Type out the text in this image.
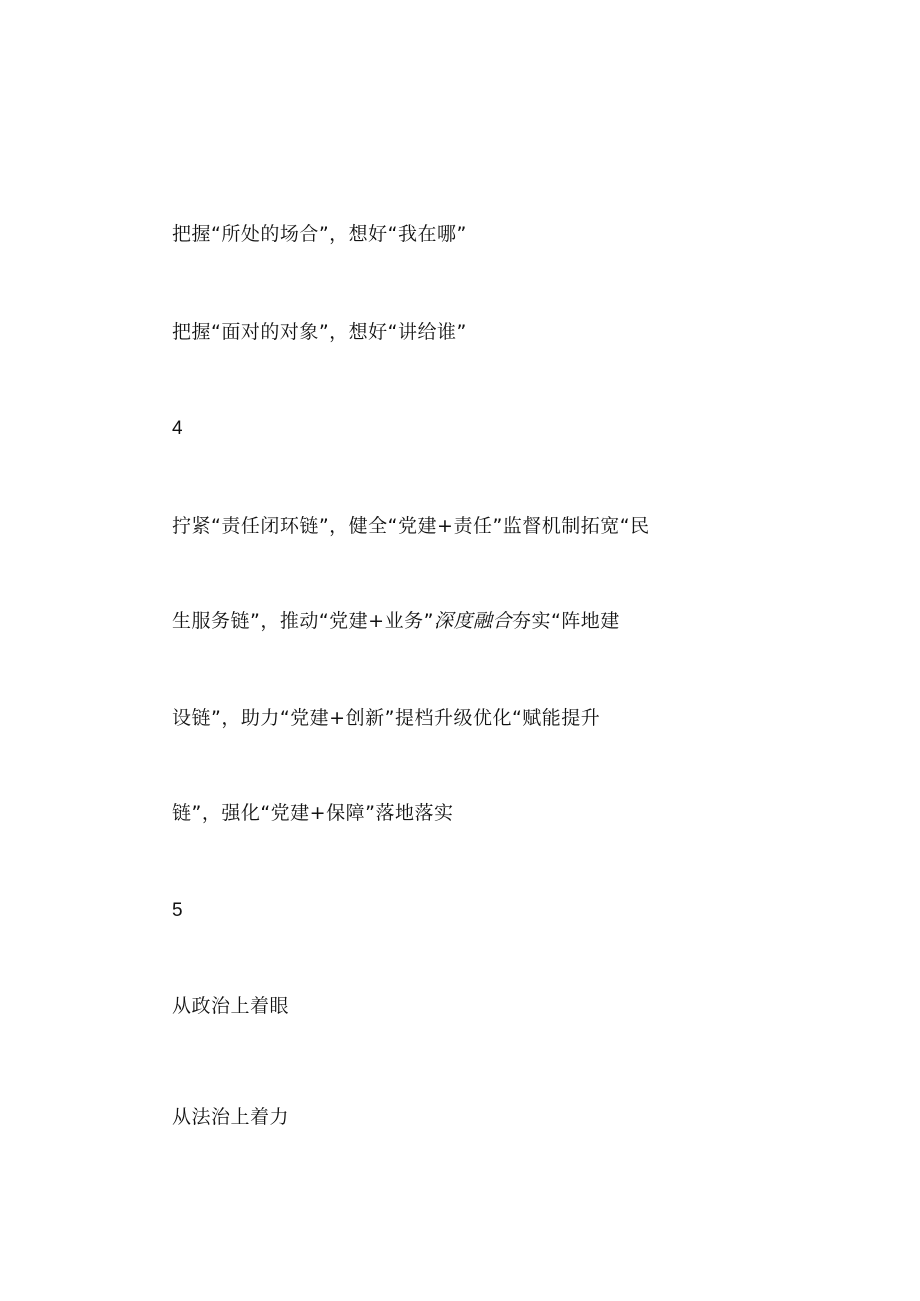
把握“所处的场合”，想好“我在哪”
把握“面对的对象”，想好“讲给谁”
4
拧紧“责任闭环链”，健全“党建+责任”监督机制拓宽“民
生服务链”，推动“党建+业务”深度融合夯实“阵地建
设链”，助力“党建+创新”提档升级优化“赋能提升
链”，强化“党建+保障”落地落实
5
从政治上着眼
从法治上着力
